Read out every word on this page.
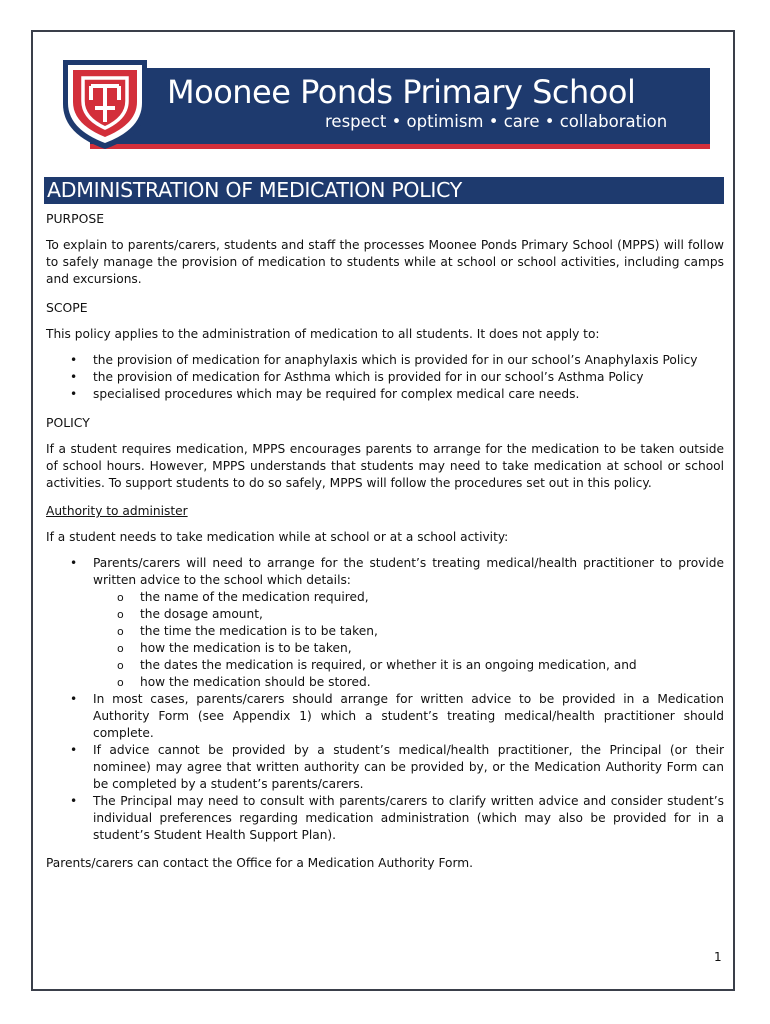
Moonee Ponds Primary School
respect • optimism • care • collaboration
ADMINISTRATION OF MEDICATION POLICY
PURPOSE

To explain to parents/carers, students and staff the processes Moonee Ponds Primary School (MPPS) will follow to safely manage the provision of medication to students while at school or school activities, including camps and excursions.

SCOPE

This policy applies to the administration of medication to all students. It does not apply to:

• the provision of medication for anaphylaxis which is provided for in our school’s Anaphylaxis Policy
• the provision of medication for Asthma which is provided for in our school’s Asthma Policy
• specialised procedures which may be required for complex medical care needs.
POLICY

If a student requires medication, MPPS encourages parents to arrange for the medication to be taken outside of school hours. However, MPPS understands that students may need to take medication at school or school activities. To support students to do so safely, MPPS will follow the procedures set out in this policy.

Authority to administer

If a student needs to take medication while at school or at a school activity:

• Parents/carers will need to arrange for the student’s treating medical/health practitioner to provide written advice to the school which details:
o the name of the medication required,
o the dosage amount,
o the time the medication is to be taken,
o how the medication is to be taken,
o the dates the medication is required, or whether it is an ongoing medication, and
o how the medication should be stored.
• In most cases, parents/carers should arrange for written advice to be provided in a Medication Authority Form (see Appendix 1) which a student’s treating medical/health practitioner should complete.
• If advice cannot be provided by a student’s medical/health practitioner, the Principal (or their nominee) may agree that written authority can be provided by, or the Medication Authority Form can be completed by a student’s parents/carers.
• The Principal may need to consult with parents/carers to clarify written advice and consider student’s individual preferences regarding medication administration (which may also be provided for in a student’s Student Health Support Plan).

Parents/carers can contact the Office for a Medication Authority Form.

1
